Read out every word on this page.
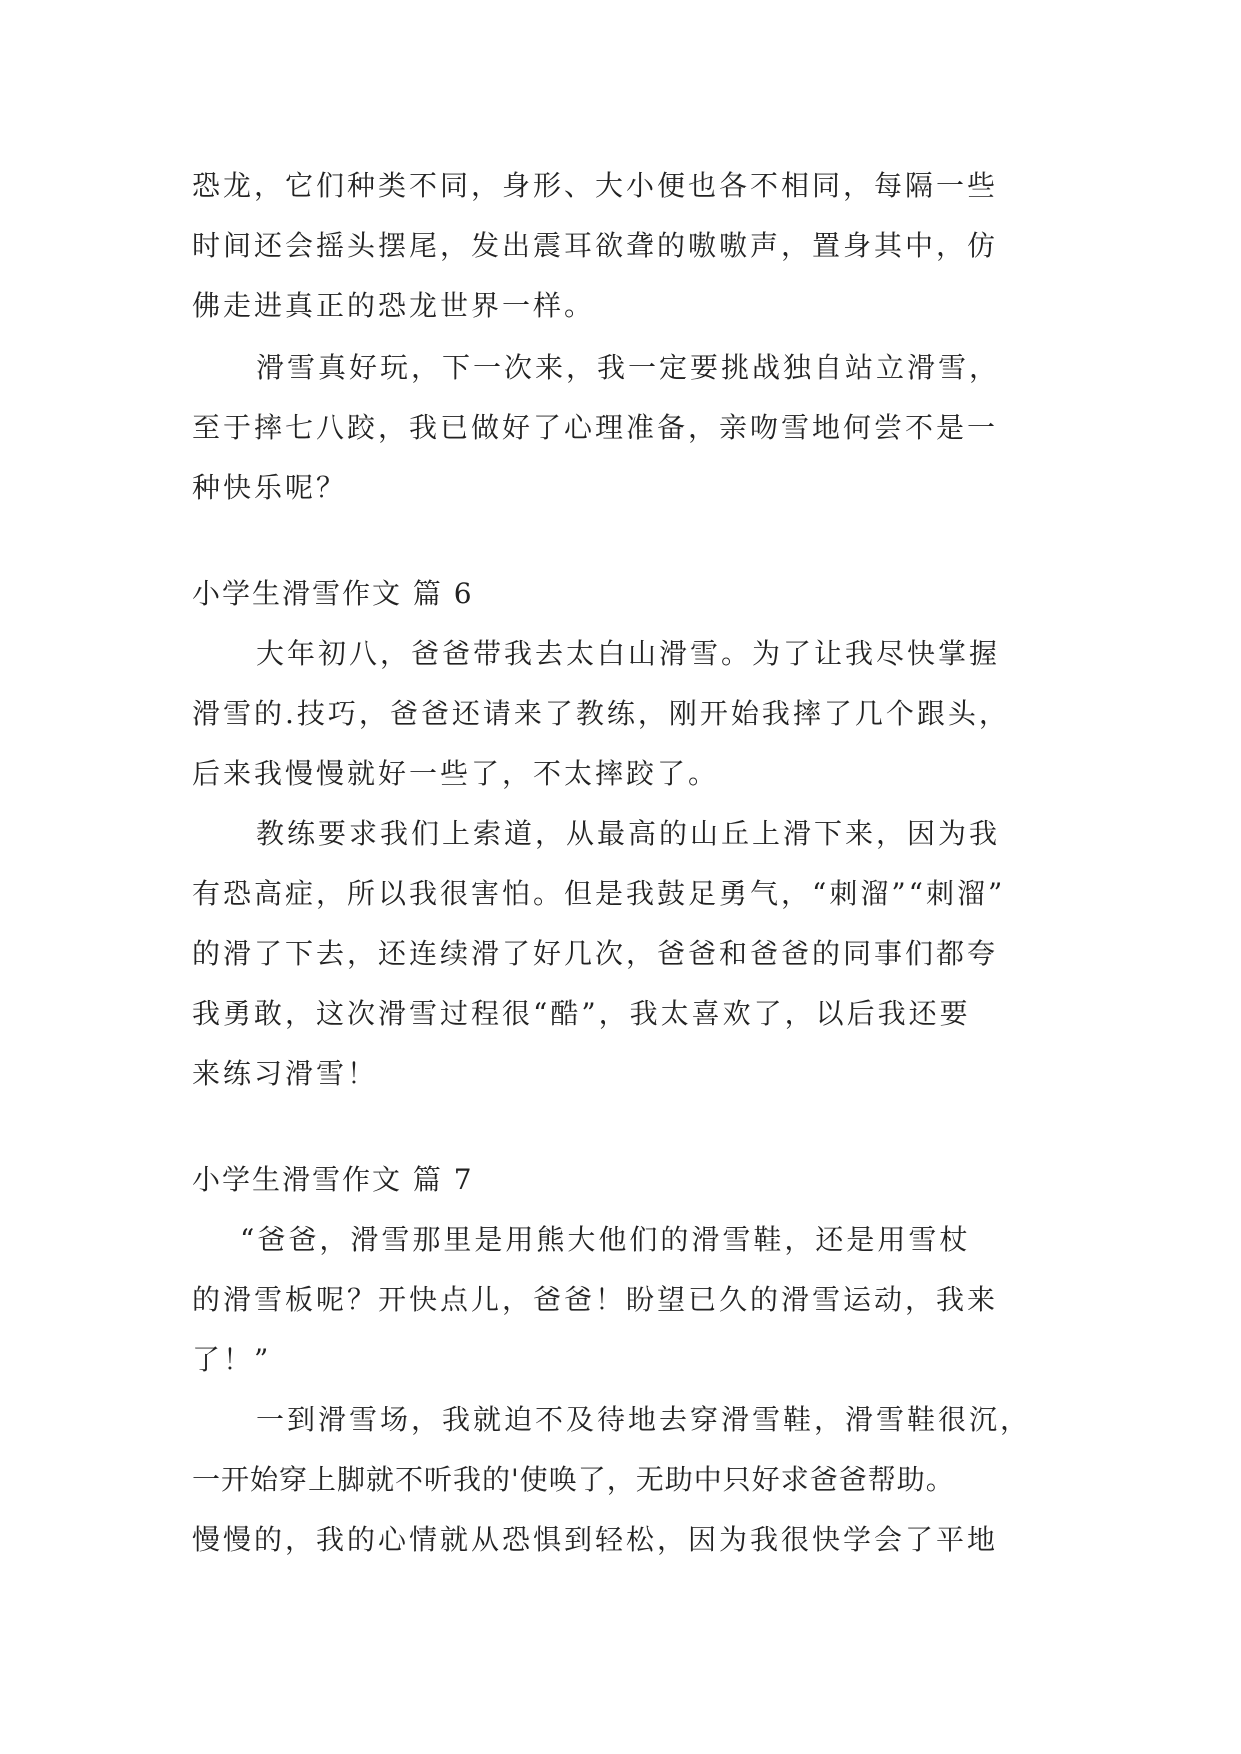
恐龙，它们种类不同，身形、大小便也各不相同，每隔一些
时间还会摇头摆尾，发出震耳欲聋的嗷嗷声，置身其中，仿
佛走进真正的恐龙世界一样。
滑雪真好玩，下一次来，我一定要挑战独自站立滑雪，
至于摔七八跤，我已做好了心理准备，亲吻雪地何尝不是一
种快乐呢？
小学生滑雪作文 篇 6
大年初八，爸爸带我去太白山滑雪。为了让我尽快掌握
滑雪的.技巧，爸爸还请来了教练，刚开始我摔了几个跟头，
后来我慢慢就好一些了，不太摔跤了。
教练要求我们上索道，从最高的山丘上滑下来，因为我
有恐高症，所以我很害怕。但是我鼓足勇气，“刺溜”“刺溜”
的滑了下去，还连续滑了好几次，爸爸和爸爸的同事们都夸
我勇敢，这次滑雪过程很“酷”，我太喜欢了，以后我还要
来练习滑雪！
小学生滑雪作文 篇 7
“爸爸，滑雪那里是用熊大他们的滑雪鞋，还是用雪杖
的滑雪板呢？开快点儿，爸爸！盼望已久的滑雪运动，我来
了！”
一到滑雪场，我就迫不及待地去穿滑雪鞋，滑雪鞋很沉，
一开始穿上脚就不听我的'使唤了，无助中只好求爸爸帮助。
慢慢的，我的心情就从恐惧到轻松，因为我很快学会了平地
